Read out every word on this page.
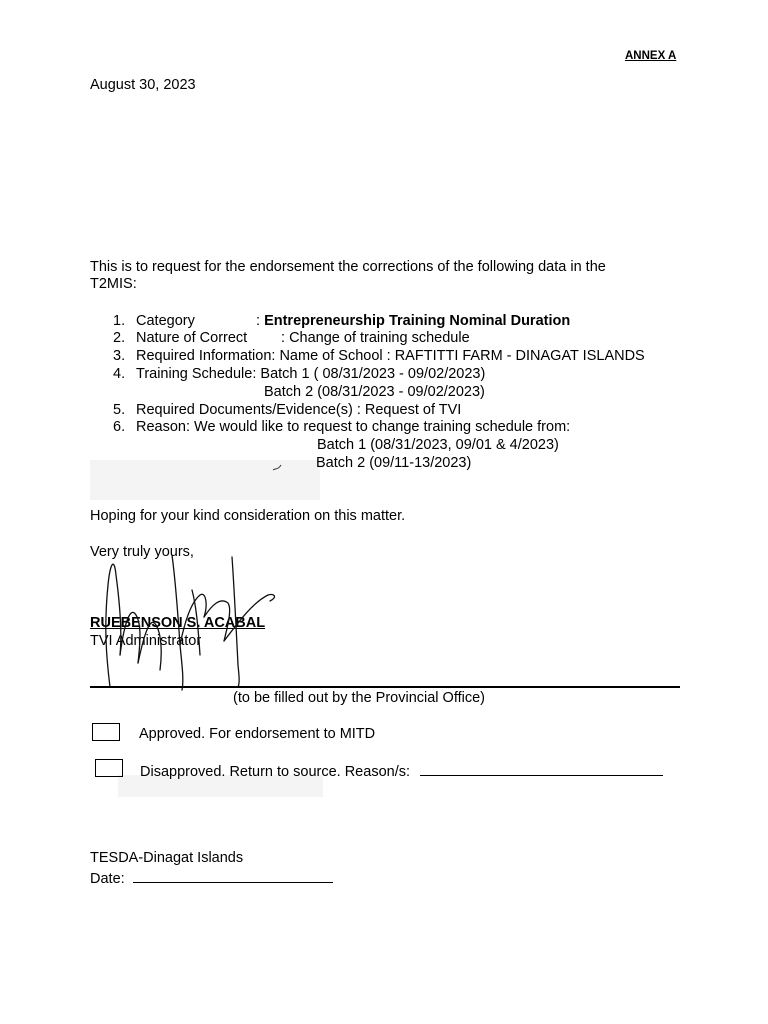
ANNEX A
August 30, 2023
This is to request for the endorsement the corrections of the following data in the
T2MIS:
1. Category	: Entrepreneurship Training Nominal Duration
2. Nature of Correct : Change of training schedule
3. Required Information: Name of School : RAFTITTI FARM - DINAGAT ISLANDS
4. Training Schedule: Batch 1 ( 08/31/2023 - 09/02/2023)
Batch 2 (08/31/2023 - 09/02/2023)
5. Required Documents/Evidence(s) : Request of TVI
6. Reason: We would like to request to change training schedule from:
Batch 1 (08/31/2023, 09/01 & 4/2023)
Batch 2 (09/11-13/2023)
Hoping for your kind consideration on this matter.
Very truly yours,
RUEBENSON S. ACABAL
TVI Administrator
(to be filled out by the Provincial Office)
Approved. For endorsement to MITD
Disapproved. Return to source. Reason/s:
TESDA-Dinagat Islands
Date:
